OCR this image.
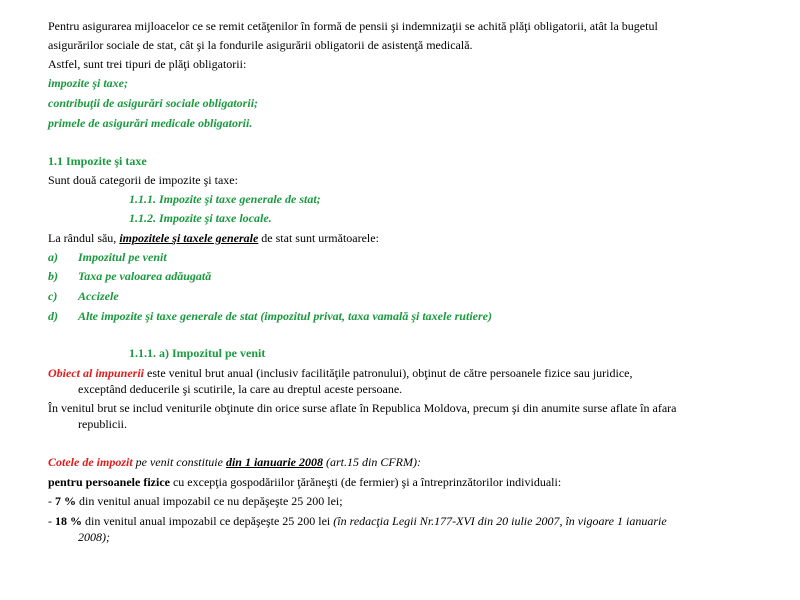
Pentru asigurarea mijloacelor ce se remit cetăţenilor în formă de pensii şi indemnizaţii se achită plăţi obligatorii, atât la bugetul
asigurărilor sociale de stat, cât şi la fondurile asigurării obligatorii de asistenţă medicală.
Astfel, sunt trei tipuri de plăţi obligatorii:
impozite şi taxe;
contribuţii de asigurări sociale obligatorii;
primele de asigurări medicale obligatorii.
1.1 Impozite şi taxe
Sunt două categorii de impozite şi taxe:
1.1.1. Impozite şi taxe generale de stat;
1.1.2. Impozite şi taxe locale.
La rândul său, impozitele şi taxele generale de stat sunt următoarele:
a) Impozitul pe venit
b) Taxa pe valoarea adăugată
c) Accizele
d) Alte impozite şi taxe generale de stat (impozitul privat, taxa vamală şi taxele rutiere)
1.1.1. a) Impozitul pe venit
Obiect al impunerii este venitul brut anual (inclusiv facilităţile patronului), obţinut de către persoanele fizice sau juridice,
exceptând deducerile şi scutirile, la care au dreptul aceste persoane.
În venitul brut se includ veniturile obţinute din orice surse aflate în Republica Moldova, precum şi din anumite surse aflate în afara
republicii.
Cotele de impozit pe venit constituie din 1 ianuarie 2008 (art.15 din CFRM):
pentru persoanele fizice cu excepţia gospodăriilor ţărăneşti (de fermier) şi a întreprinzătorilor individuali:
- 7 % din venitul anual impozabil ce nu depăşeşte 25 200 lei;
- 18 % din venitul anual impozabil ce depăşeşte 25 200 lei (în redacţia Legii Nr.177-XVI din 20 iulie 2007, în vigoare 1 ianuarie
2008);
